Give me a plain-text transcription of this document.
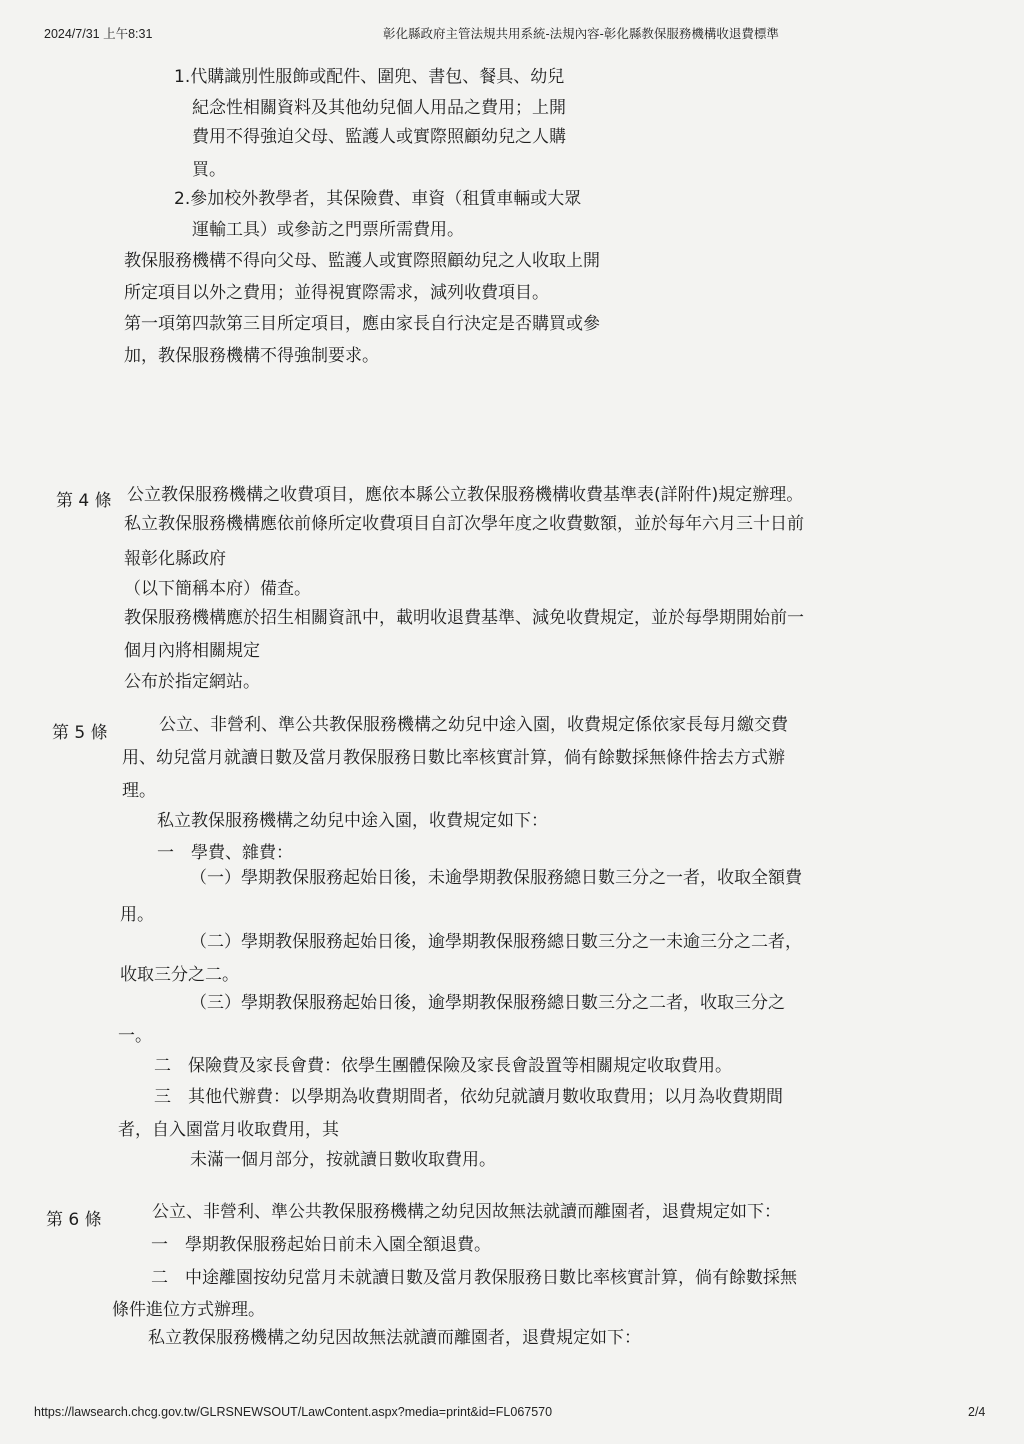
2024/7/31 上午8:31	彰化縣政府主管法規共用系統-法規內容-彰化縣教保服務機構收退費標準
1.代購識別性服飾或配件、圍兜、書包、餐具、幼兒
紀念性相關資料及其他幼兒個人用品之費用；上開
費用不得強迫父母、監護人或實際照顧幼兒之人購
買。
2.參加校外教學者，其保險費、車資（租賃車輛或大眾
運輸工具）或參訪之門票所需費用。
教保服務機構不得向父母、監護人或實際照顧幼兒之人收取上開
所定項目以外之費用；並得視實際需求，減列收費項目。
第一項第四款第三目所定項目，應由家長自行決定是否購買或參
加，教保服務機構不得強制要求。
第 4 條 公立教保服務機構之收費項目，應依本縣公立教保服務機構收費基準表(詳附件)規定辦理。
私立教保服務機構應依前條所定收費項目自訂次學年度之收費數額，並於每年六月三十日前
報彰化縣政府
（以下簡稱本府）備查。
教保服務機構應於招生相關資訊中，載明收退費基準、減免收費規定，並於每學期開始前一
個月內將相關規定
公布於指定網站。
第 5 條	公立、非營利、準公共教保服務機構之幼兒中途入園，收費規定係依家長每月繳交費
用、幼兒當月就讀日數及當月教保服務日數比率核實計算，倘有餘數採無條件捨去方式辦
理。
私立教保服務機構之幼兒中途入園，收費規定如下：
一　學費、雜費：
（一）學期教保服務起始日後，未逾學期教保服務總日數三分之一者，收取全額費
用。
（二）學期教保服務起始日後，逾學期教保服務總日數三分之一未逾三分之二者，
收取三分之二。
（三）學期教保服務起始日後，逾學期教保服務總日數三分之二者，收取三分之
一。
二　保險費及家長會費：依學生團體保險及家長會設置等相關規定收取費用。
三　其他代辦費：以學期為收費期間者，依幼兒就讀月數收取費用；以月為收費期間
者，自入園當月收取費用，其
未滿一個月部分，按就讀日數收取費用。
第 6 條	公立、非營利、準公共教保服務機構之幼兒因故無法就讀而離園者，退費規定如下：
一　學期教保服務起始日前未入園全額退費。
二　中途離園按幼兒當月未就讀日數及當月教保服務日數比率核實計算，倘有餘數採無
條件進位方式辦理。
私立教保服務機構之幼兒因故無法就讀而離園者，退費規定如下：
https://lawsearch.chcg.gov.tw/GLRSNEWSOUT/LawContent.aspx?media=print&id=FL067570	2/4
